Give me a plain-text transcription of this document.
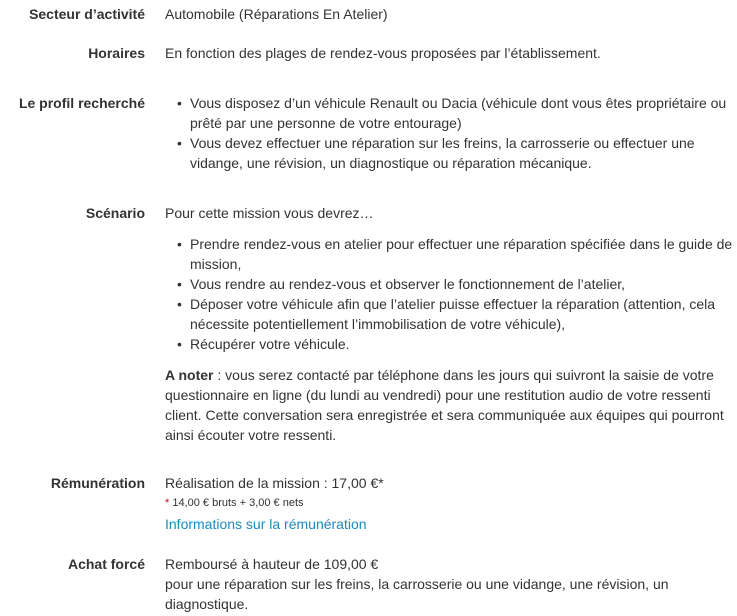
Secteur d’activité Automobile (Réparations En Atelier)
Horaires En fonction des plages de rendez-vous proposées par l’établissement.
Le profil recherché
•	Vous disposez d’un véhicule Renault ou Dacia (véhicule dont vous êtes propriétaire ou prêté par une personne de votre entourage)
• Vous devez effectuer une réparation sur les freins, la carrosserie ou effectuer une vidange, une révision, un diagnostique ou réparation mécanique.
Scénario Pour cette mission vous devrez…

• Prendre rendez-vous en atelier pour effectuer une réparation spécifiée dans le guide de mission,
• Vous rendre au rendez-vous et observer le fonctionnement de l’atelier,
• Déposer votre véhicule afin que l’atelier puisse effectuer la réparation (attention, cela nécessite potentiellement l’immobilisation de votre véhicule),
• Récupérer votre véhicule.

A noter : vous serez contacté par téléphone dans les jours qui suivront la saisie de votre questionnaire en ligne (du lundi au vendredi) pour une restitution audio de votre ressenti client. Cette conversation sera enregistrée et sera communiquée aux équipes qui pourront ainsi écouter votre ressenti.

Rémunération Réalisation de la mission : 17,00 €*

* 14,00 € bruts + 3,00 € nets

Informations sur la rémunération

Achat forcé Remboursé à hauteur de 109,00 €

pour une réparation sur les freins, la carrosserie ou une vidange, une révision, un diagnostique.
